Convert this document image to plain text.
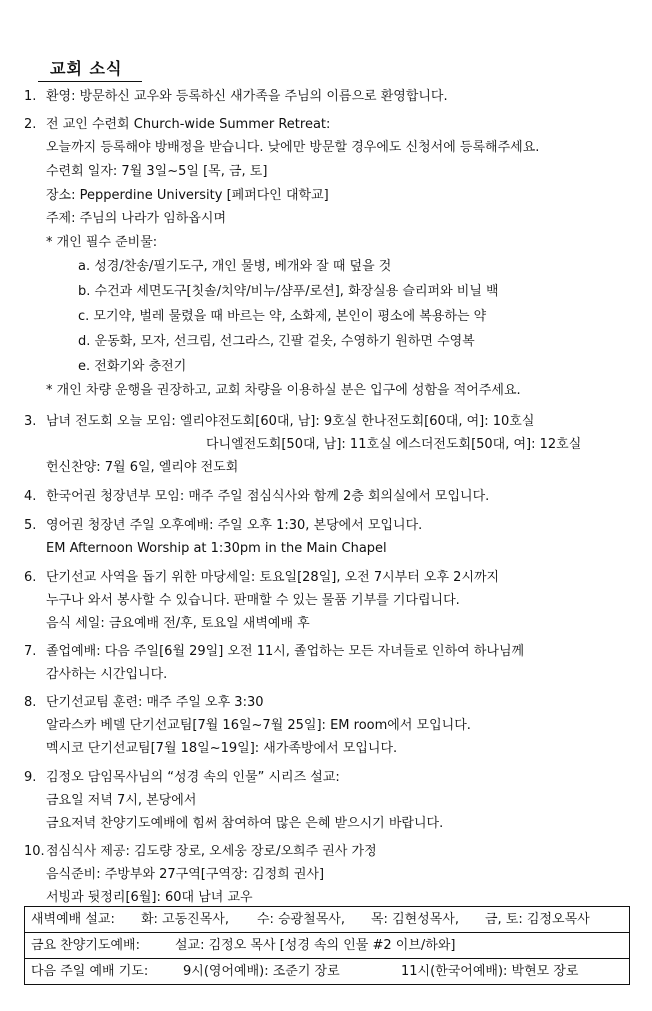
교회 소식
1. 환영: 방문하신 교우와 등록하신 새가족을 주님의 이름으로 환영합니다.
2. 전 교인 수련회 Church-wide Summer Retreat:
오늘까지 등록해야 방배정을 받습니다. 낮에만 방문할 경우에도 신청서에 등록해주세요.
수련회 일자: 7월 3일~5일 [목, 금, 토]
장소: Pepperdine University [페퍼다인 대학교]
주제: 주님의 나라가 임하옵시며
* 개인 필수 준비물:
a. 성경/찬송/필기도구, 개인 물병, 베개와 잘 때 덮을 것
b. 수건과 세면도구[칫솔/치약/비누/샴푸/로션], 화장실용 슬리퍼와 비닐 백
c. 모기약, 벌레 물렸을 때 바르는 약, 소화제, 본인이 평소에 복용하는 약
d. 운동화, 모자, 선크림, 선그라스, 긴팔 겉옷, 수영하기 원하면 수영복
e. 전화기와 충전기
* 개인 차량 운행을 권장하고, 교회 차량을 이용하실 분은 입구에 성함을 적어주세요.
3. 남녀 전도회 오늘 모임: 엘리야전도회[60대, 남]: 9호실 한나전도회[60대, 여]: 10호실
다니엘전도회[50대, 남]: 11호실 에스더전도회[50대, 여]: 12호실
헌신찬양: 7월 6일, 엘리야 전도회
4. 한국어권 청장년부 모임: 매주 주일 점심식사와 함께 2층 회의실에서 모입니다.
5. 영어권 청장년 주일 오후예배: 주일 오후 1:30, 본당에서 모입니다.
EM Afternoon Worship at 1:30pm in the Main Chapel
6. 단기선교 사역을 돕기 위한 마당세일: 토요일[28일], 오전 7시부터 오후 2시까지
누구나 와서 봉사할 수 있습니다. 판매할 수 있는 물품 기부를 기다립니다.
음식 세일: 금요예배 전/후, 토요일 새벽예배 후
7. 졸업예배: 다음 주일[6월 29일] 오전 11시, 졸업하는 모든 자녀들로 인하여 하나님께
감사하는 시간입니다.
8. 단기선교팀 훈련: 매주 주일 오후 3:30
알라스카 베델 단기선교팀[7월 16일~7월 25일]: EM room에서 모입니다.
멕시코 단기선교팀[7월 18일~19일]: 새가족방에서 모입니다.
9. 김정오 담임목사님의 “성경 속의 인물” 시리즈 설교:
금요일 저녁 7시, 본당에서
금요저녁 찬양기도예배에 힘써 참여하여 많은 은혜 받으시기 바랍니다.
10. 점심식사 제공: 김도량 장로, 오세웅 장로/오희주 권사 가정
음식준비: 주방부와 27구역[구역장: 김정희 권사]
서빙과 뒷정리[6월]: 60대 남녀 교우
새벽예배 설교: 화: 고동진목사, 수: 승광철목사, 목: 김현성목사, 금, 토: 김정오목사
금요 찬양기도예배:	설교: 김정오 목사 [성경 속의 인물 #2 이브/하와]
다음 주일 예배 기도:	9시(영어예배): 조준기 장로	11시(한국어예배): 박현모 장로
